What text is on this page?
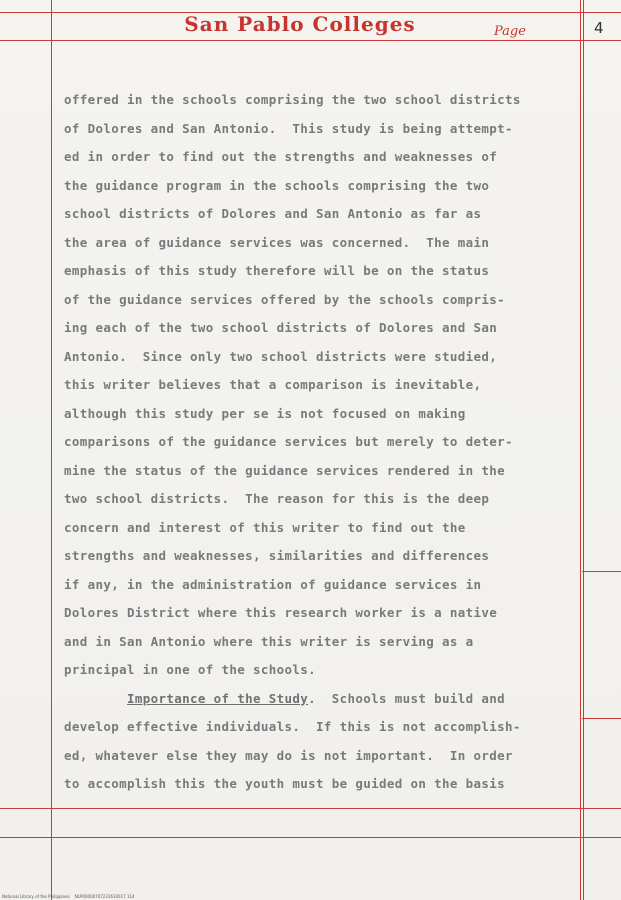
San Pablo Colleges	Page	4
offered in the schools comprising the two school districts
of Dolores and San Antonio.  This study is being attempt-
ed in order to find out the strengths and weaknesses of
the guidance program in the schools comprising the two
school districts of Dolores and San Antonio as far as
the area of guidance services was concerned.  The main
emphasis of this study therefore will be on the status
of the guidance services offered by the schools compris-
ing each of the two school districts of Dolores and San
Antonio.  Since only two school districts were studied,
this writer believes that a comparison is inevitable,
although this study per se is not focused on making
comparisons of the guidance services but merely to deter-
mine the status of the guidance services rendered in the
two school districts.  The reason for this is the deep
concern and interest of this writer to find out the
strengths and weaknesses, similarities and differences
if any, in the administration of guidance services in
Dolores District where this research worker is a native
and in San Antonio where this writer is serving as a
principal in one of the schools.
Importance of the Study.  Schools must build and
develop effective individuals.  If this is not accomplish-
ed, whatever else they may do is not important.  In order
to accomplish this the youth must be guided on the basis
National Library of the Philippines    NLP00000707231610017 114
